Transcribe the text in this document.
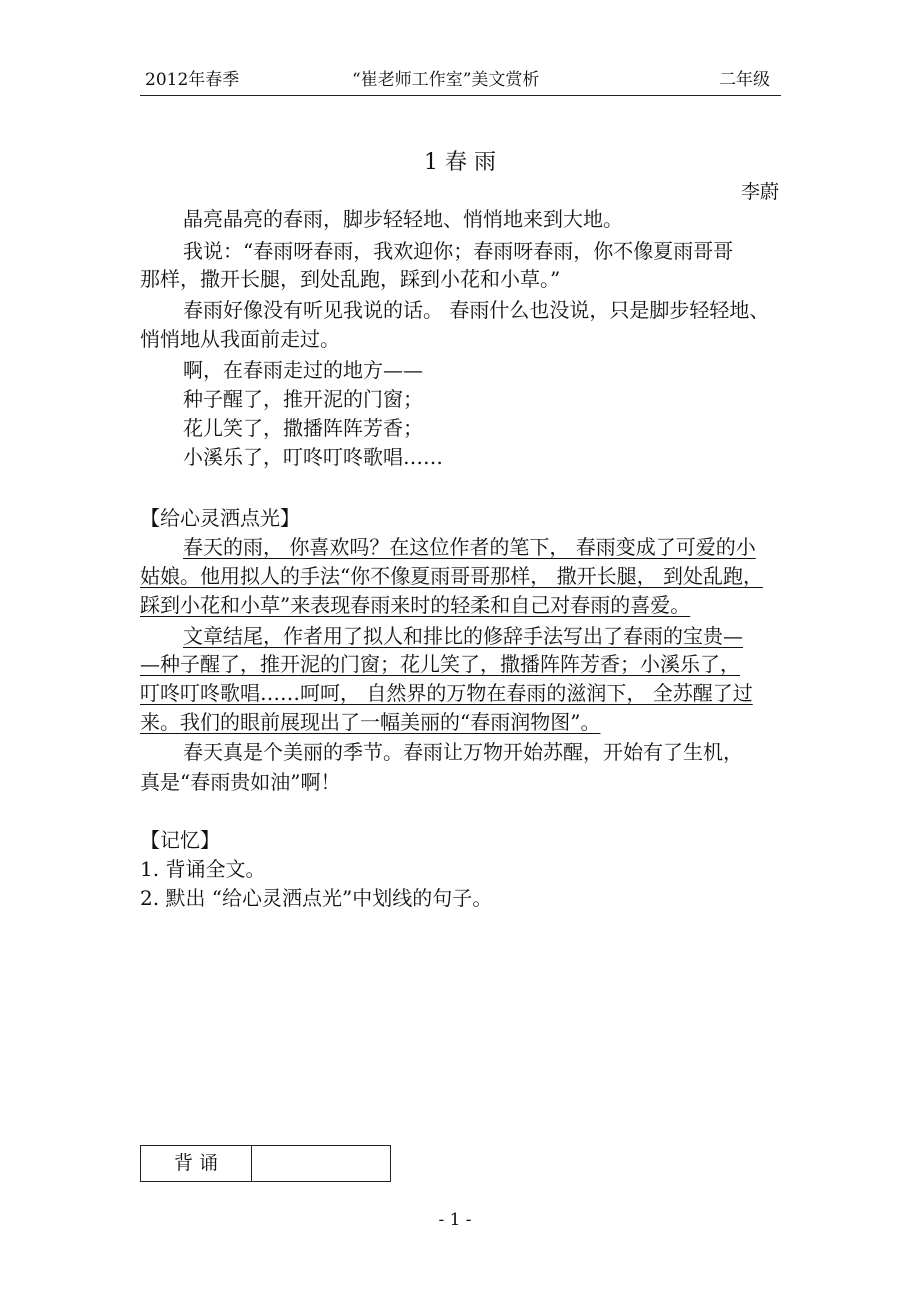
2012年春季	“崔老师工作室”美文赏析	二年级
1 春 雨
李蔚
晶亮晶亮的春雨，脚步轻轻地、悄悄地来到大地。
我说：“春雨呀春雨，我欢迎你；春雨呀春雨，你不像夏雨哥哥
那样，撒开长腿，到处乱跑，踩到小花和小草。”
春雨好像没有听见我说的话。 春雨什么也没说，只是脚步轻轻地、
悄悄地从我面前走过。
啊，在春雨走过的地方——
种子醒了，推开泥的门窗；
花儿笑了，撒播阵阵芳香；
小溪乐了，叮咚叮咚歌唱……
【给心灵洒点光】
春天的雨， 你喜欢吗？在这位作者的笔下， 春雨变成了可爱的小
姑娘。他用拟人的手法“你不像夏雨哥哥那样， 撒开长腿， 到处乱跑，
踩到小花和小草”来表现春雨来时的轻柔和自己对春雨的喜爱。
文章结尾，作者用了拟人和排比的修辞手法写出了春雨的宝贵—
—种子醒了，推开泥的门窗；花儿笑了，撒播阵阵芳香；小溪乐了，
叮咚叮咚歌唱……呵呵， 自然界的万物在春雨的滋润下， 全苏醒了过
来。我们的眼前展现出了一幅美丽的“春雨润物图”。
春天真是个美丽的季节。春雨让万物开始苏醒，开始有了生机，
真是“春雨贵如油”啊！
【记忆】
1. 背诵全文。
2. 默出 “给心灵洒点光”中划线的句子。
背 诵
- 1 -
